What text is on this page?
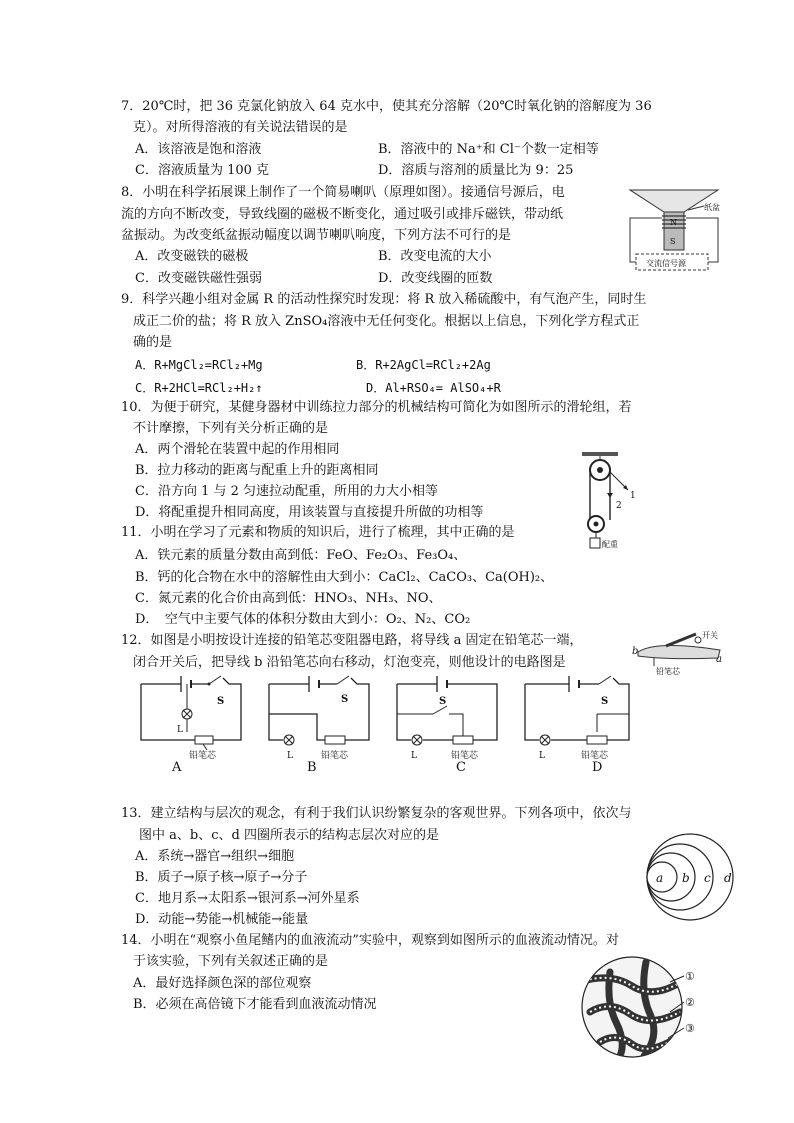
7．20℃时，把 36 克氯化钠放入 64 克水中，使其充分溶解（20℃时氧化钠的溶解度为 36
克）。对所得溶液的有关说法错误的是
A．该溶液是饱和溶液	B．溶液中的 Na⁺和 Cl⁻个数一定相等
C．溶液质量为 100 克	D．溶质与溶剂的质量比为 9：25
8．小明在科学拓展课上制作了一个简易喇叭（原理如图）。接通信号源后，电
流的方向不断改变，导致线圈的磁极不断变化，通过吸引或排斥磁铁，带动纸
盆振动。为改变纸盆振动幅度以调节喇叭响度，下列方法不可行的是
A．改变磁铁的磁极	B．改变电流的大小
C．改变磁铁磁性强弱	D．改变线圈的匝数
N
S
纸盆
交流信号源
9．科学兴趣小组对金属 R 的活动性探究时发现：将 R 放入稀硫酸中，有气泡产生，同时生
成正二价的盐；将 R 放入 ZnSO₄溶液中无任何变化。根据以上信息，下列化学方程式正
确的是
A．R+MgCl₂=RCl₂+Mg	B．R+2AgCl=RCl₂+2Ag
C．R+2HCl=RCl₂+H₂↑	D．Al+RSO₄= AlSO₄+R
10．为便于研究，某健身器材中训练拉力部分的机械结构可简化为如图所示的滑轮组，若
不计摩擦，下列有关分析正确的是
A．两个滑轮在装置中起的作用相同
B．拉力移动的距离与配重上升的距离相同
C．沿方向 1 与 2 匀速拉动配重，所用的力大小相等
D．将配重提升相同高度，用该装置与直接提升所做的功相等
1
2
配重
11．小明在学习了元素和物质的知识后，进行了梳理，其中正确的是
A．铁元素的质量分数由高到低：FeO、Fe₂O₃、Fe₃O₄、
B．钙的化合物在水中的溶解性由大到小：CaCl₂、CaCO₃、Ca(OH)₂、
C．氮元素的化合价由高到低：HNO₃、NH₃、NO、
D．　空气中主要气体的体积分数由大到小：O₂、N₂、CO₂
12．如图是小明按设计连接的铅笔芯变阻器电路，将导线 a 固定在铅笔芯一端，
闭合开关后，把导线 b 沿铅笔芯向右移动，灯泡变亮，则他设计的电路图是
开关
b
a
铅笔芯
S
L
铅笔芯
S
L	铅笔芯
S
L	铅笔芯
S
L	铅笔芯
A	B	C	D
13．建立结构与层次的观念，有利于我们认识纷繁复杂的客观世界。下列各项中，依次与
图中 a、b、c、d 四圈所表示的结构志层次对应的是
A．系统→器官→组织→细胞
B．质子→原子核→原子→分子
C．地月系→太阳系→银河系→河外星系
D．动能→势能→机械能→能量
a b c d
14．小明在“观察小鱼尾鳍内的血液流动”实验中，观察到如图所示的血液流动情况。对
于该实验，下列有关叙述正确的是
A．最好选择颜色深的部位观察
B．必须在高倍镜下才能看到血液流动情况
①
②
③
